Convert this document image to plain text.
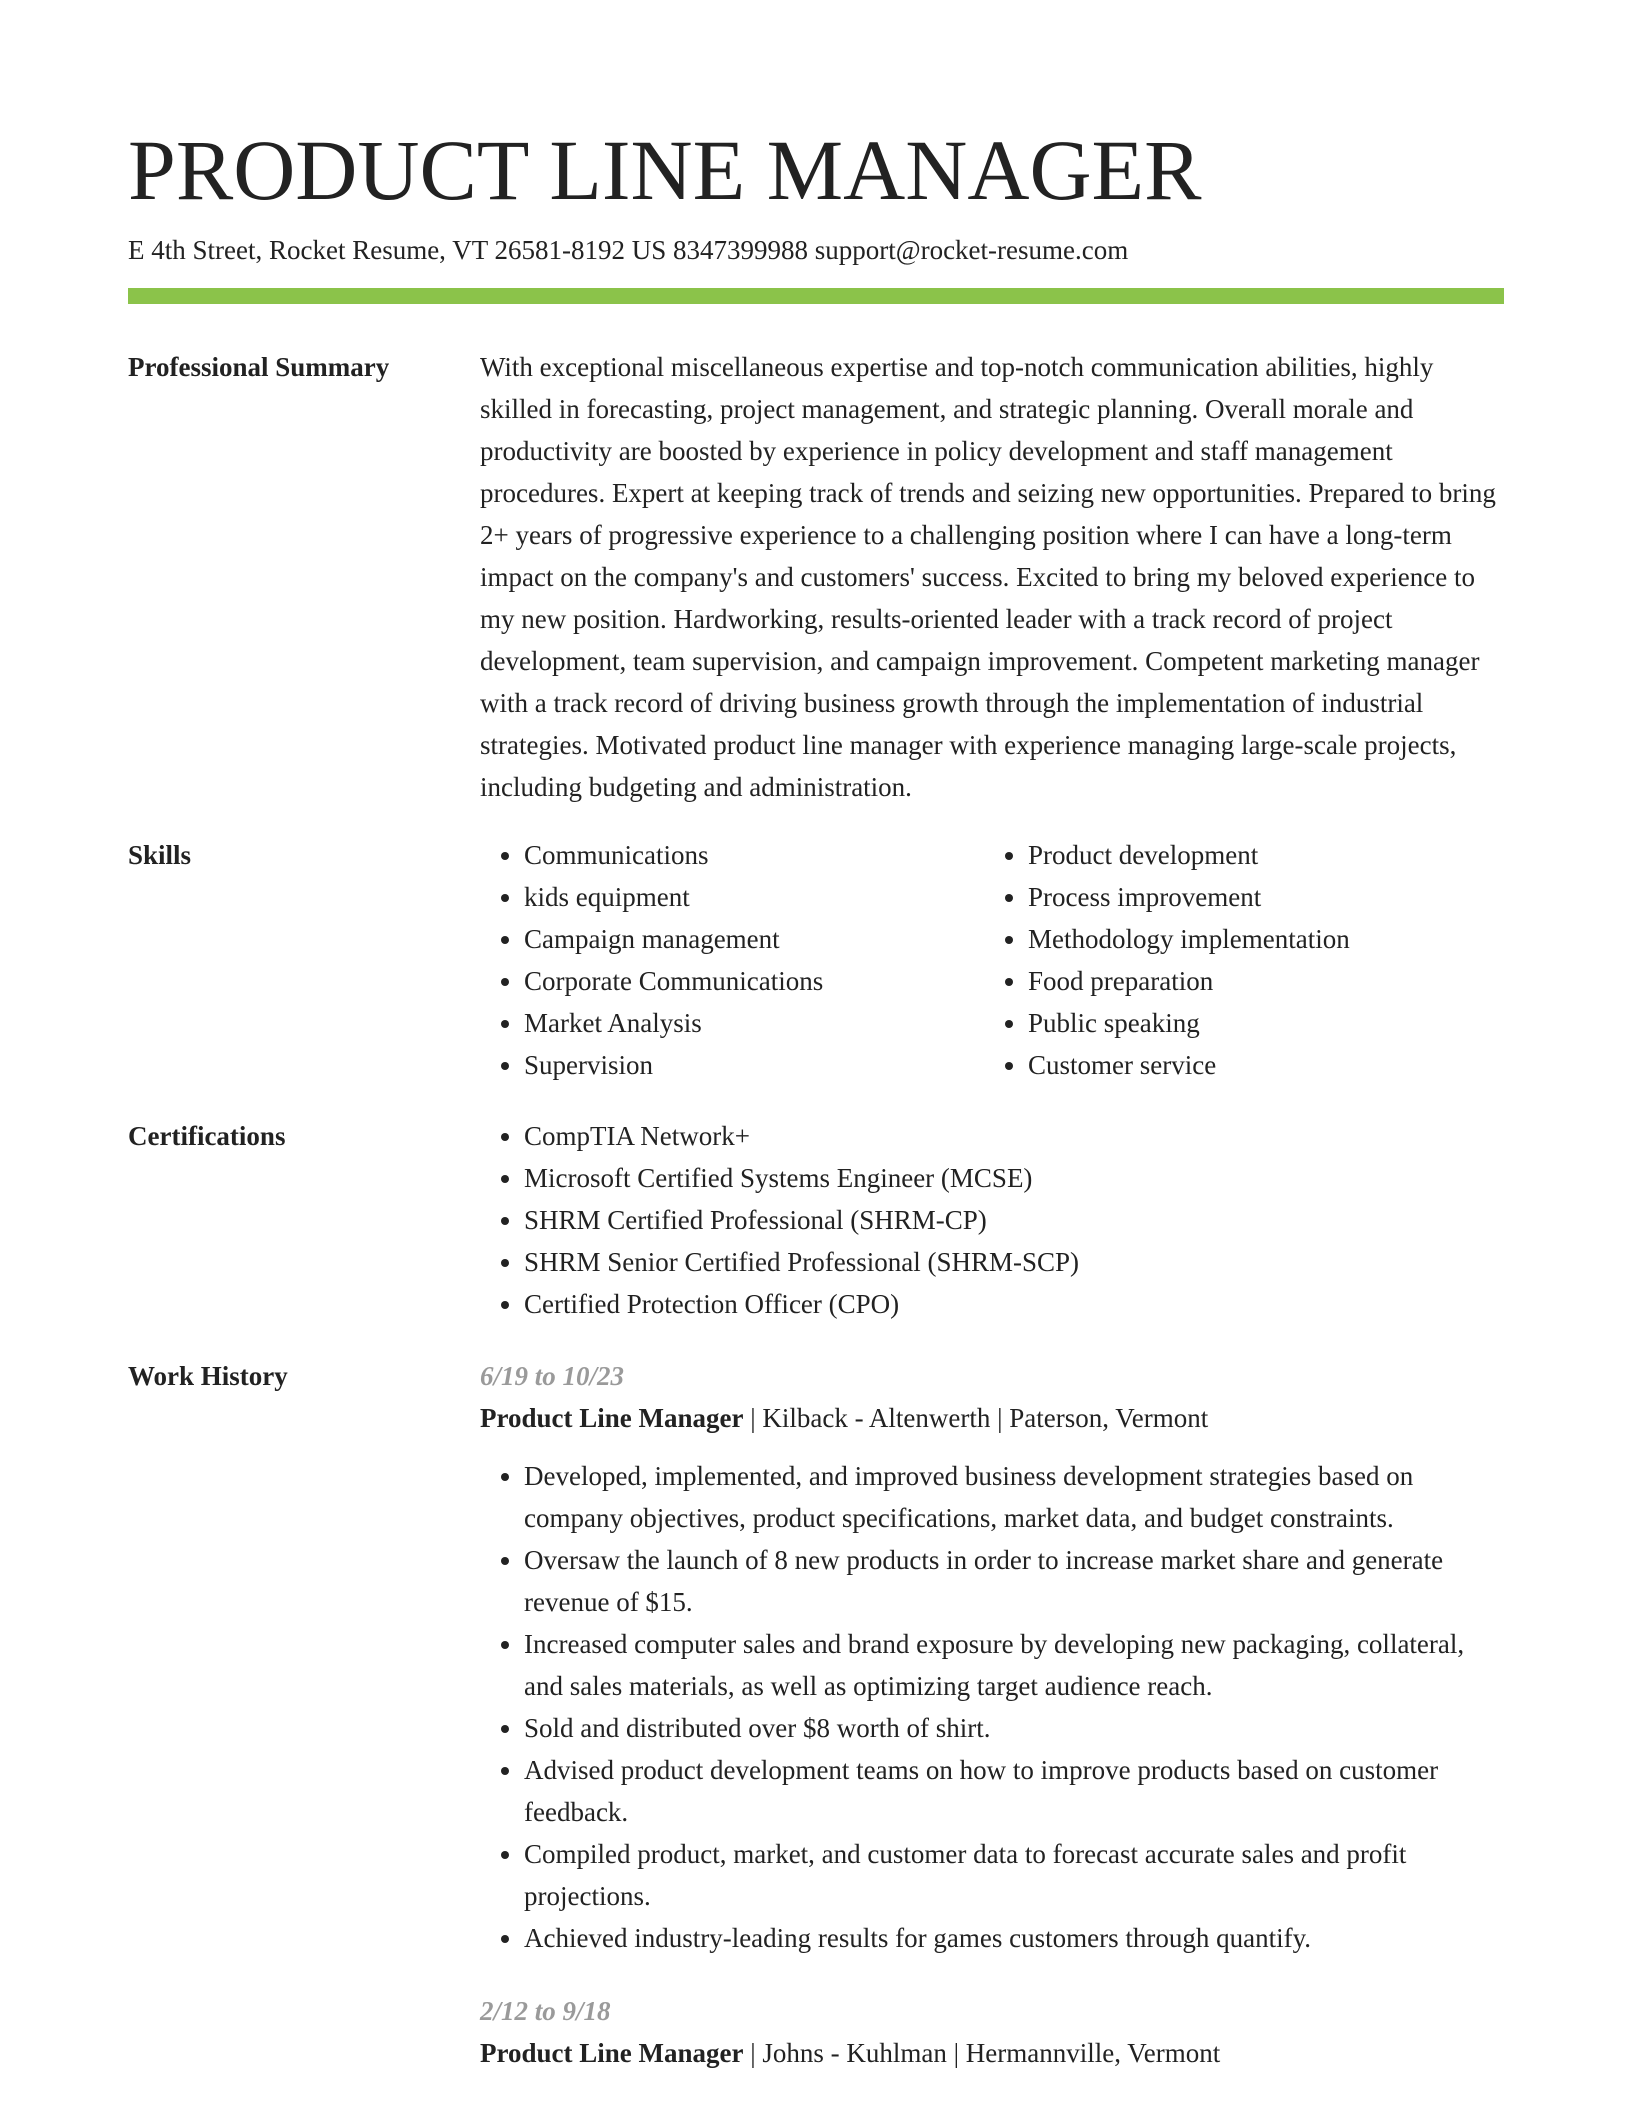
PRODUCT LINE MANAGER
E 4th Street, Rocket Resume, VT 26581-8192 US 8347399988 support@rocket-resume.com
Professional Summary	With exceptional miscellaneous expertise and top-notch communication abilities, highly skilled in forecasting, project management, and strategic planning. Overall morale and productivity are boosted by experience in policy development and staff management procedures. Expert at keeping track of trends and seizing new opportunities. Prepared to bring 2+ years of progressive experience to a challenging position where I can have a long-term impact on the company's and customers' success. Excited to bring my beloved experience to my new position. Hardworking, results-oriented leader with a track record of project development, team supervision, and campaign improvement. Competent marketing manager with a track record of driving business growth through the implementation of industrial strategies. Motivated product line manager with experience managing large-scale projects, including budgeting and administration.

Skills	• Communications
• kids equipment
• Campaign management
• Corporate Communications
• Market Analysis
• Supervision
• Product development
• Process improvement
• Methodology implementation
• Food preparation
• Public speaking
• Customer service
Certifications	• CompTIA Network+
• Microsoft Certified Systems Engineer (MCSE)
• SHRM Certified Professional (SHRM-CP)
• SHRM Senior Certified Professional (SHRM-SCP)
• Certified Protection Officer (CPO)
Work History	6/19 to 10/23
Product Line Manager | Kilback - Altenwerth | Paterson, Vermont
• Developed, implemented, and improved business development strategies based on company objectives, product specifications, market data, and budget constraints.
• Oversaw the launch of 8 new products in order to increase market share and generate revenue of $15.
• Increased computer sales and brand exposure by developing new packaging, collateral, and sales materials, as well as optimizing target audience reach.
• Sold and distributed over $8 worth of shirt.
• Advised product development teams on how to improve products based on customer feedback.
• Compiled product, market, and customer data to forecast accurate sales and profit projections.
• Achieved industry-leading results for games customers through quantify.
2/12 to 9/18
Product Line Manager | Johns - Kuhlman | Hermannville, Vermont
